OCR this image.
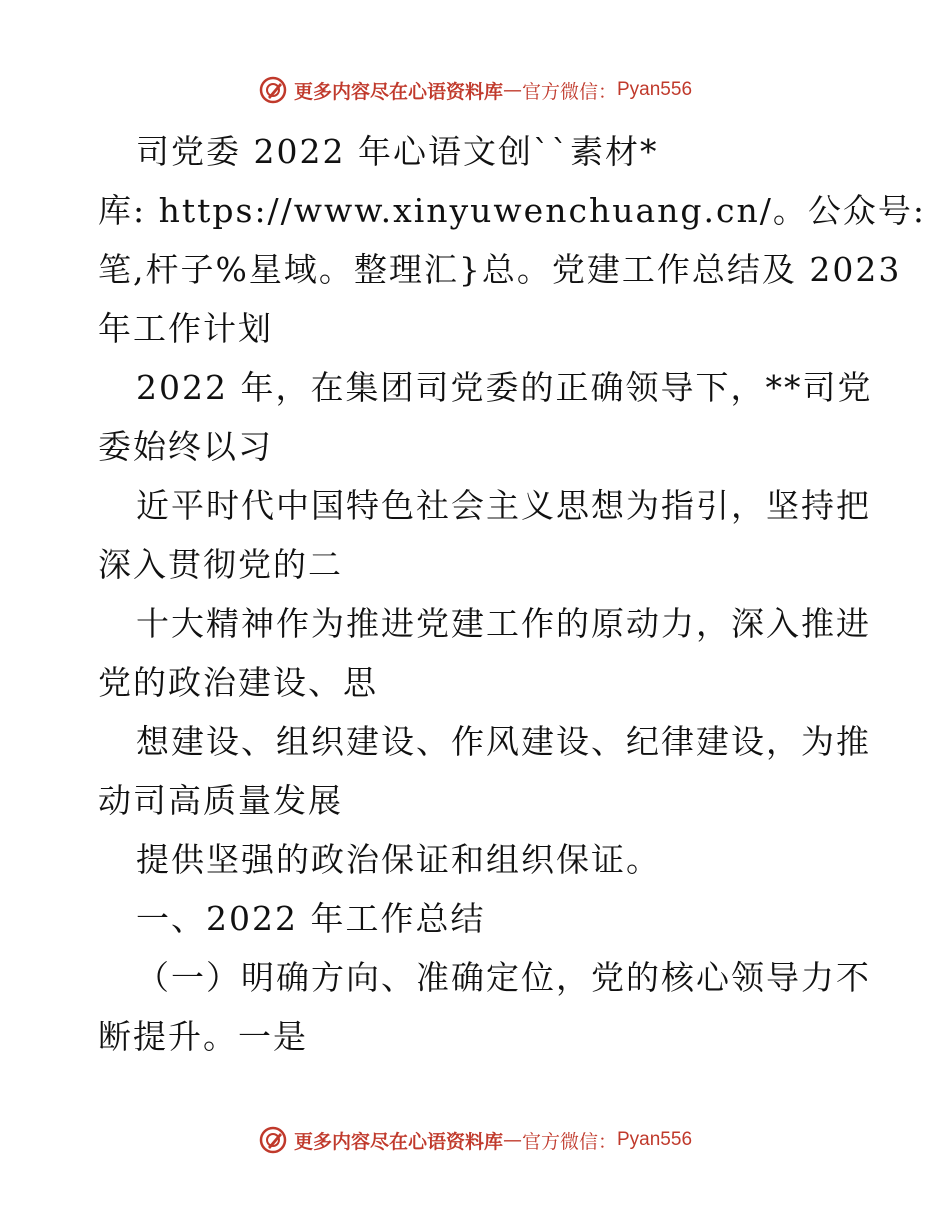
更多内容尽在心语资料库 — 官方微信： Pyan556
司党委 2022 年心语文创``素材*
库: https://www.xinyuwenchuang.cn/。公众号:
笔,杆子%星域。整理汇}总。党建工作总结及 2023
年工作计划
2022 年，在集团司党委的正确领导下，**司党
委始终以习
近平时代中国特色社会主义思想为指引，坚持把
深入贯彻党的二
十大精神作为推进党建工作的原动力，深入推进
党的政治建设、思
想建设、组织建设、作风建设、纪律建设，为推
动司高质量发展
提供坚强的政治保证和组织保证。
一、2022 年工作总结
（一）明确方向、准确定位，党的核心领导力不
断提升。一是
更多内容尽在心语资料库 — 官方微信： Pyan556
